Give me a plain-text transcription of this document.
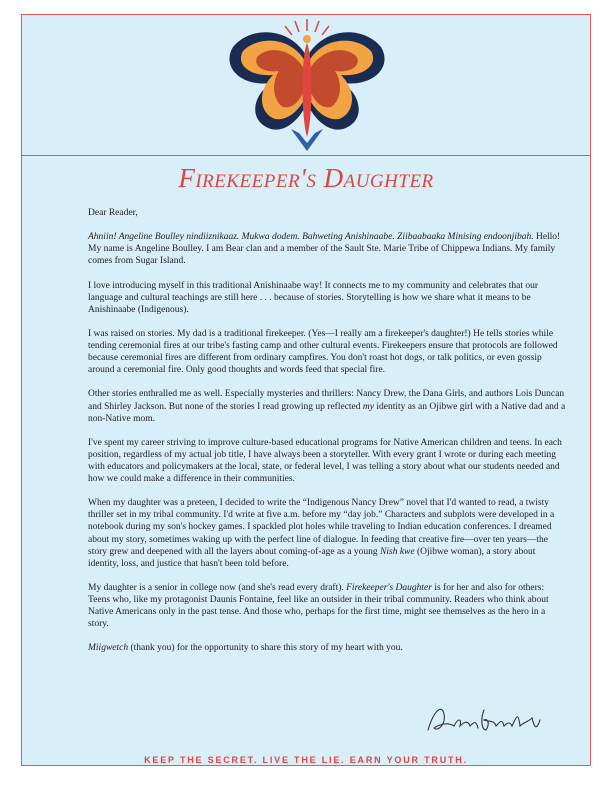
Firekeeper's Daughter

Dear Reader,

Ahniin! Angeline Boulley nindiiznikaaz. Mukwa dodem. Bahweting Anishinaabe. Ziibaabaaka Minising endoonjibah. Hello! My name is Angeline Boulley. I am Bear clan and a member of the Sault Ste. Marie Tribe of Chippewa Indians. My family comes from Sugar Island.

I love introducing myself in this traditional Anishinaabe way! It connects me to my community and celebrates that our language and cultural teachings are still here . . . because of stories. Storytelling is how we share what it means to be Anishinaabe (Indigenous).

I was raised on stories. My dad is a traditional firekeeper. (Yes—I really am a firekeeper's daughter!) He tells stories while tending ceremonial fires at our tribe's fasting camp and other cultural events. Firekeepers ensure that protocols are followed because ceremonial fires are different from ordinary campfires. You don't roast hot dogs, or talk politics, or even gossip around a ceremonial fire. Only good thoughts and words feed that special fire.

Other stories enthralled me as well. Especially mysteries and thrillers: Nancy Drew, the Dana Girls, and authors Lois Duncan and Shirley Jackson. But none of the stories I read growing up reflected my identity as an Ojibwe girl with a Native dad and a non-Native mom.

I've spent my career striving to improve culture-based educational programs for Native American children and teens. In each position, regardless of my actual job title, I have always been a storyteller. With every grant I wrote or during each meeting with educators and policymakers at the local, state, or federal level, I was telling a story about what our students needed and how we could make a difference in their communities.

When my daughter was a preteen, I decided to write the “Indigenous Nancy Drew” novel that I'd wanted to read, a twisty thriller set in my tribal community. I'd write at five a.m. before my “day job.” Characters and subplots were developed in a notebook during my son's hockey games. I spackled plot holes while traveling to Indian education conferences. I dreamed about my story, sometimes waking up with the perfect line of dialogue. In feeding that creative fire—over ten years—the story grew and deepened with all the layers about coming-of-age as a young Nish kwe (Ojibwe woman), a story about identity, loss, and justice that hasn't been told before.

My daughter is a senior in college now (and she's read every draft). Firekeeper's Daughter is for her and also for others: Teens who, like my protagonist Daunis Fontaine, feel like an outsider in their tribal community. Readers who think about Native Americans only in the past tense. And those who, perhaps for the first time, might see themselves as the hero in a story.

Miigwetch (thank you) for the opportunity to share this story of my heart with you.

KEEP THE SECRET. LIVE THE LIE. EARN YOUR TRUTH.
